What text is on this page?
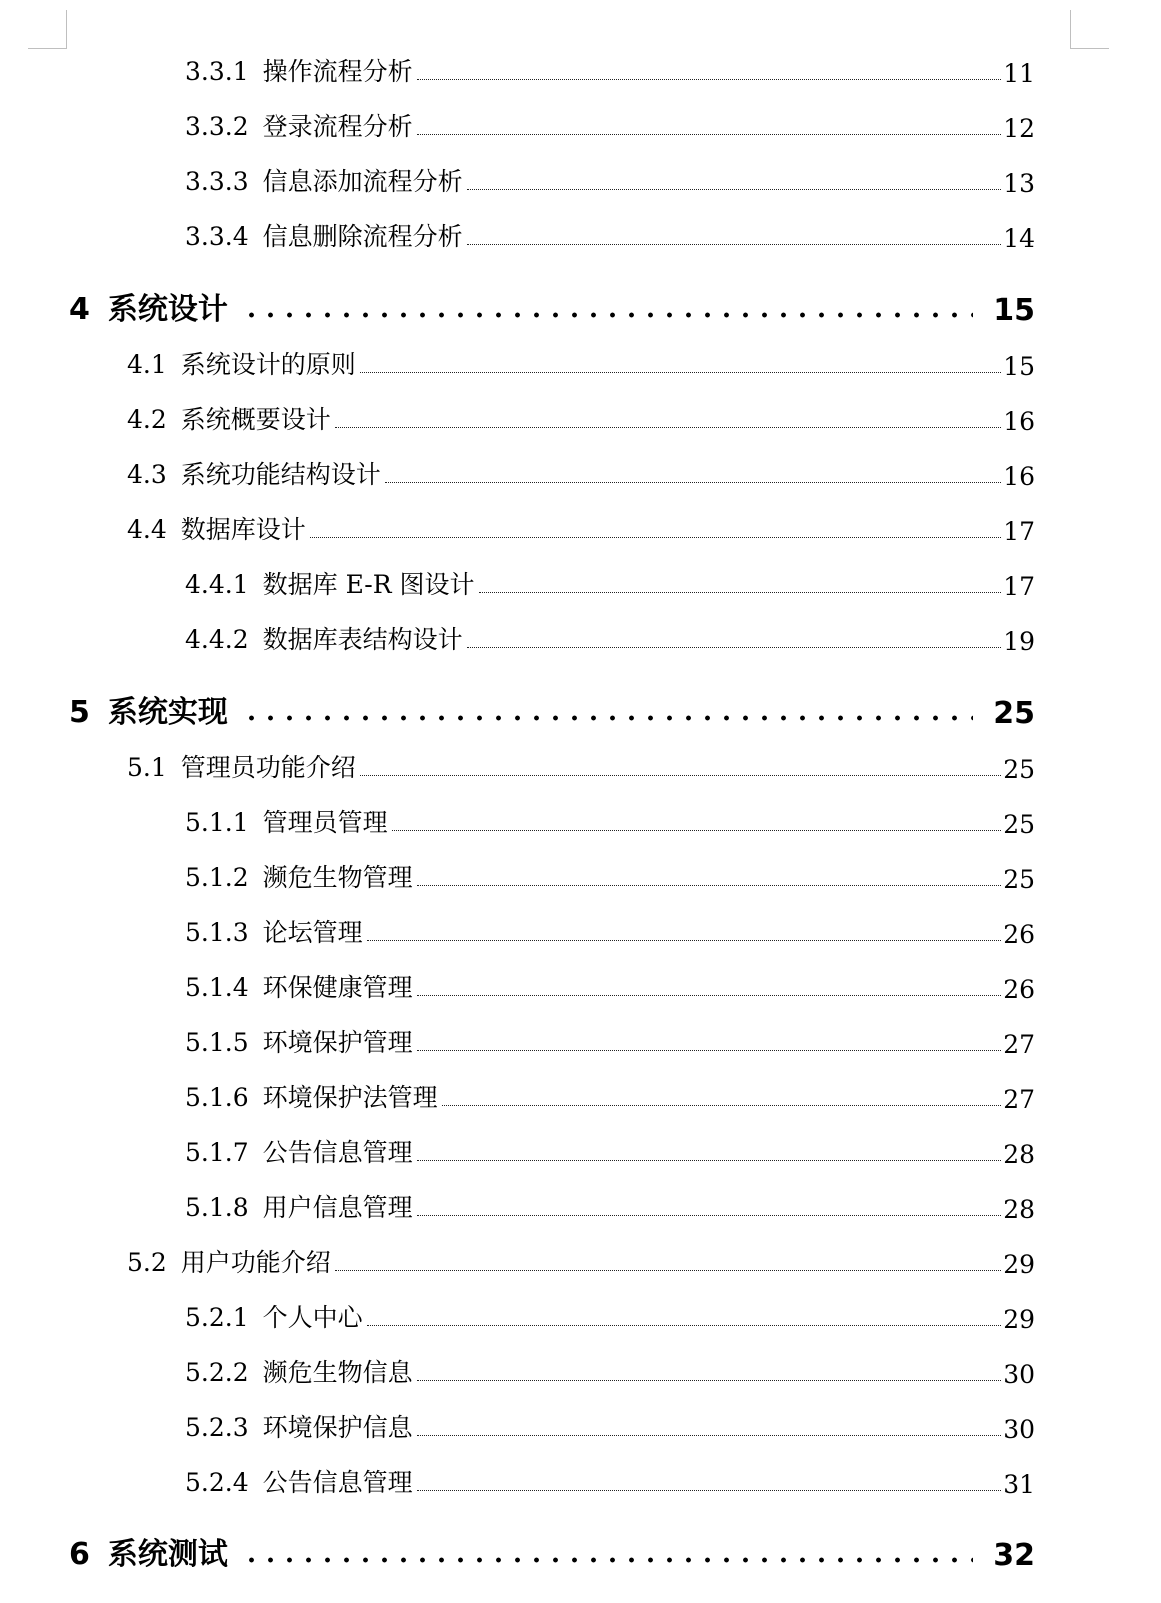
3.3.1 操作流程分析	11
3.3.2 登录流程分析	12
3.3.3 信息添加流程分析	13
3.3.4 信息删除流程分析	14
4 系统设计	15
4.1 系统设计的原则	15
4.2 系统概要设计	16
4.3 系统功能结构设计	16
4.4 数据库设计	17
4.4.1 数据库 E-R 图设计	17
4.4.2 数据库表结构设计	19
5 系统实现	25
5.1 管理员功能介绍	25
5.1.1 管理员管理	25
5.1.2 濒危生物管理	25
5.1.3 论坛管理	26
5.1.4 环保健康管理	26
5.1.5 环境保护管理	27
5.1.6 环境保护法管理	27
5.1.7 公告信息管理	28
5.1.8 用户信息管理	28
5.2 用户功能介绍	29
5.2.1 个人中心	29
5.2.2 濒危生物信息	30
5.2.3 环境保护信息	30
5.2.4 公告信息管理	31
6 系统测试	32
